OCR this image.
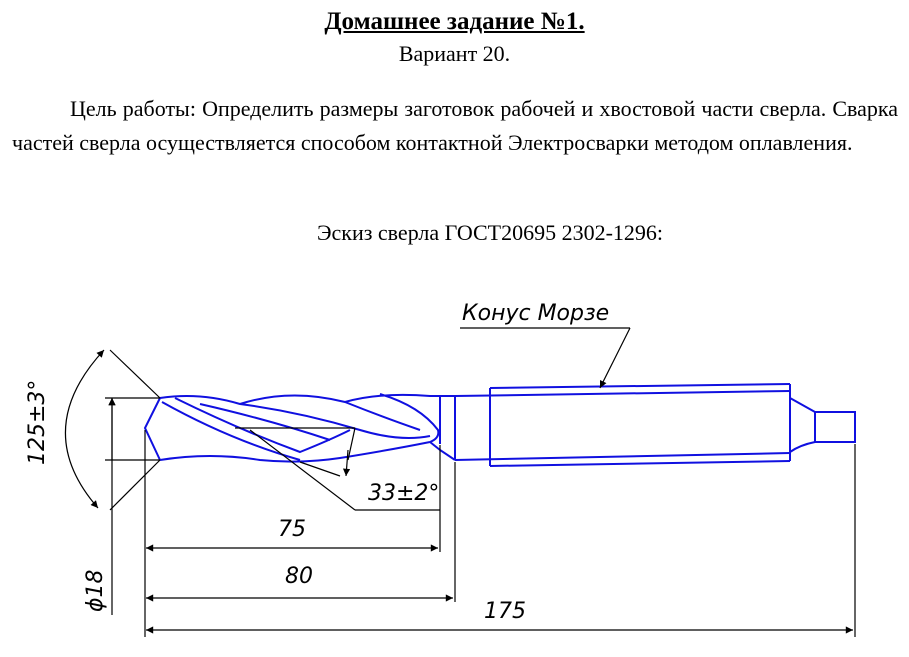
Домашнее задание №1.
Вариант 20.

Цель работы: Определить размеры заготовок рабочей и хвостовой части сверла. Сварка частей сверла осуществляется способом контактной Электросварки методом оплавления.

Эскиз сверла ГОСТ20695 2302-1296:
Конус Морзе
125±3°
33±2°
75
80
175
ϕ18
